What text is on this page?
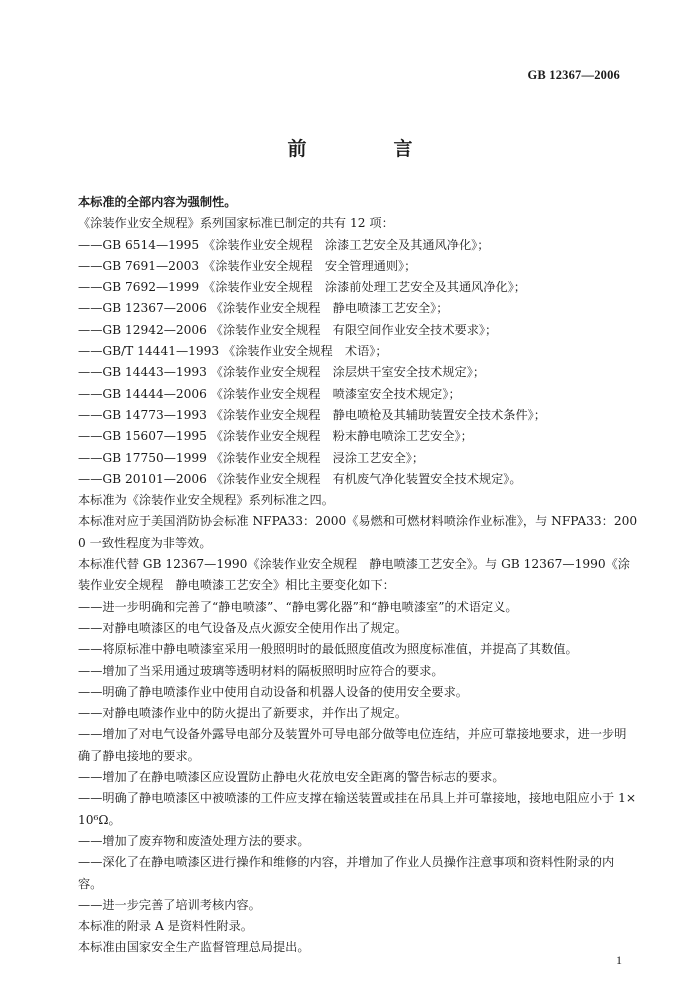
GB 12367—2006
前　言

本标准的全部内容为强制性。

《涂装作业安全规程》系列国家标准已制定的共有 12 项：

——GB 6514—1995 《涂装作业安全规程　涂漆工艺安全及其通风净化》；

——GB 7691—2003 《涂装作业安全规程　安全管理通则》；

——GB 7692—1999 《涂装作业安全规程　涂漆前处理工艺安全及其通风净化》；

——GB 12367—2006 《涂装作业安全规程　静电喷漆工艺安全》；

——GB 12942—2006 《涂装作业安全规程　有限空间作业安全技术要求》；

——GB/T 14441—1993 《涂装作业安全规程　术语》；

——GB 14443—1993 《涂装作业安全规程　涂层烘干室安全技术规定》；

——GB 14444—2006 《涂装作业安全规程　喷漆室安全技术规定》；

——GB 14773—1993 《涂装作业安全规程　静电喷枪及其辅助装置安全技术条件》；

——GB 15607—1995 《涂装作业安全规程　粉末静电喷涂工艺安全》；

——GB 17750—1999 《涂装作业安全规程　浸涂工艺安全》；

——GB 20101—2006 《涂装作业安全规程　有机废气净化装置安全技术规定》。

本标准为《涂装作业安全规程》系列标准之四。

本标准对应于美国消防协会标准 NFPA33：2000《易燃和可燃材料喷涂作业标准》，与 NFPA33：2000 一致性程度为非等效。

本标准代替 GB 12367—1990《涂装作业安全规程　静电喷漆工艺安全》。与 GB 12367—1990《涂装作业安全规程　静电喷漆工艺安全》相比主要变化如下：

——进一步明确和完善了“静电喷漆”、“静电雾化器”和“静电喷漆室”的术语定义。

——对静电喷漆区的电气设备及点火源安全使用作出了规定。

——将原标准中静电喷漆室采用一般照明时的最低照度值改为照度标准值，并提高了其数值。

——增加了当采用通过玻璃等透明材料的隔板照明时应符合的要求。

——明确了静电喷漆作业中使用自动设备和机器人设备的使用安全要求。

——对静电喷漆作业中的防火提出了新要求，并作出了规定。

——增加了对电气设备外露导电部分及装置外可导电部分做等电位连结，并应可靠接地要求，进一步明确了静电接地的要求。

——增加了在静电喷漆区应设置防止静电火花放电安全距离的警告标志的要求。

——明确了静电喷漆区中被喷漆的工件应支撑在输送装置或挂在吊具上并可靠接地，接地电阻应小于 1×10⁶Ω。

——增加了废弃物和废渣处理方法的要求。

——深化了在静电喷漆区进行操作和维修的内容，并增加了作业人员操作注意事项和资料性附录的内容。

——进一步完善了培训考核内容。

本标准的附录 A 是资料性附录。

本标准由国家安全生产监督管理总局提出。

1
